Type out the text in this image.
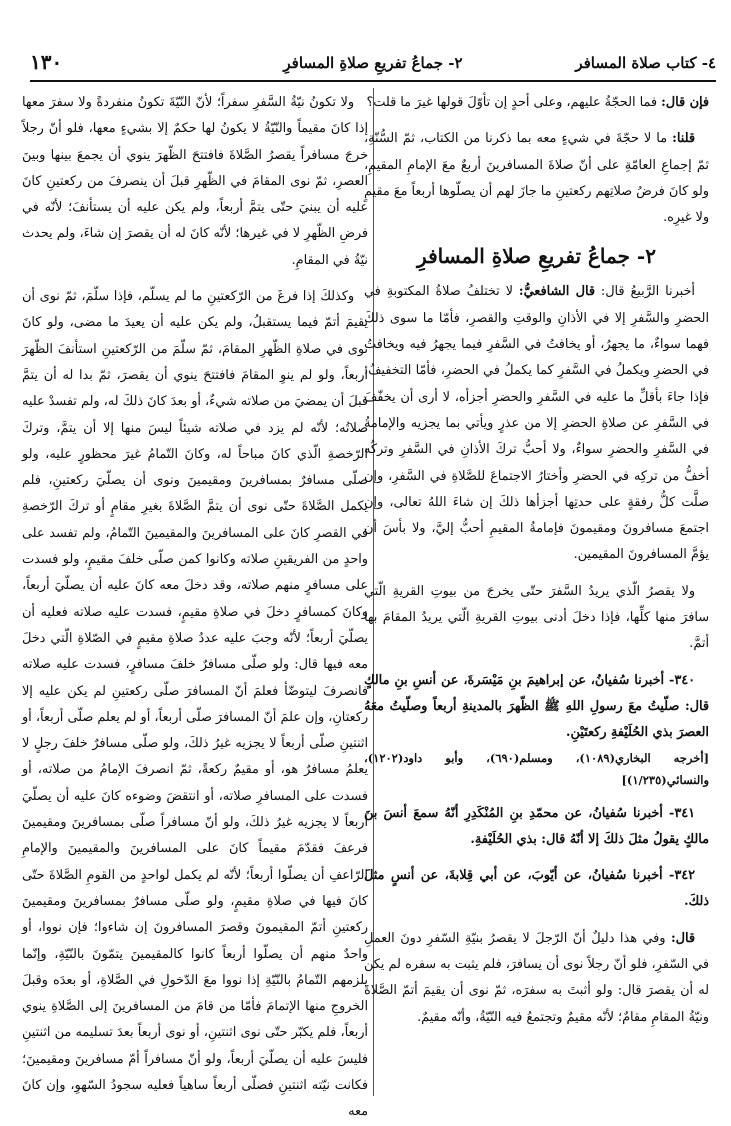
٤- كتاب صلاة المسافر
٢- جماعُ تفريعِ صلاةِ المسافرِ
١٣٠

فإن قال: فما الحجّةُ عليهم، وعلى أحدٍ إن تأوّلَ قولها غيرَ ما قلت؟

قلنا: ما لا حجّةَ في شيءٍ معه بما ذكرنا من الكتاب، ثمّ السُّنّةِ، ثمّ إجماعِ العامّةِ على أنّ صلاةَ المسافرينَ أربعٌ معَ الإمامِ المقيمِ، ولو كانَ فرضُ صلاتِهم ركعتينِ ما جازَ لهم أن يصلّوها أربعاً معَ مقيمٍ ولا غيرِه.

٢- جماعُ تفريعِ صلاةِ المسافرِ

أخبرنا الرَّبيعُ قال: قال الشافعيُّ: لا تختلفُ صلاةُ المكتوبةِ في الحضرِ والسَّفرِ إلا في الأذانِ والوقتِ والقصرِ، فأمّا ما سوى ذلكَ فهما سواءٌ، ما يجهرُ، أو يخافتُ في السَّفرِ فيما يجهرُ فيه ويخافتُ في الحضرِ ويكملُ في السَّفرِ كما يكملُ في الحضرِ، فأمّا التخفيفُ، فإذا جاءَ بأقلِّ ما عليه في السَّفرِ والحضرِ أجزأه، لا أرى أن يخفّفَ في السَّفرِ عن صلاةِ الحضرِ إلا من عذرٍ ويأتي بما يجزيه والإمامةُ في السَّفرِ والحضرِ سواءٌ، ولا أحبُّ تركَ الأذانِ في السَّفرِ وتركُه أخفُّ من تركِه في الحضرِ وأختارُ الاجتماعَ للصَّلاةِ في السَّفرِ، وإن صلَّت كلُّ رفقةٍ على حدتِها أجزأها ذلكَ إن شاءَ اللهُ تعالى، وإن اجتمعَ مسافرونَ ومقيمونَ فإمامةُ المقيمِ أحبُّ إليَّ، ولا بأسَ أن يؤمَّ المسافرونَ المقيمين.

ولا يقصرُ الّذي يريدُ السَّفرَ حتّى يخرجَ من بيوتِ القريةِ الّتي سافرَ منها كلِّها، فإذا دخلَ أدنى بيوتِ القريةِ الّتي يريدُ المقامَ بها أتمَّ.

٣٤٠- أخبرنا سُفيانُ، عن إبراهيمَ بنِ مَيْسَرةَ، عن أنسِ بنِ مالكٍ قال: صلّيتُ معَ رسولِ اللهِ ﷺ الظّهرَ بالمدينةِ أربعاً وصلّيتُ معَهُ العصرَ بذي الحُلَيْفةِ ركعتَيْنِ.

[أخرجه البخاري(١٠٨٩)، ومسلم(٦٩٠)، وأبو داود(١٢٠٢)، والنسائي(١/٢٣٥)]

٣٤١- أخبرنا سُفيانُ، عن محمّدِ بنِ المُنْكَدِرِ أنّهُ سمعَ أنسَ بنَ مالكٍ يقولُ مثلَ ذلكَ إلا أنّهُ قال: بذي الحُلَيْفةِ.

٣٤٢- أخبرنا سُفيانُ، عن أيّوبَ، عن أبي قِلابةَ، عن أنسٍ مثلَ ذلكَ.

قال: وفي هذا دليلٌ أنّ الرّجلَ لا يقصرُ بنيّةِ السّفرِ دونَ العملِ في السّفرِ، فلو أنّ رجلاً نوى أن يسافرَ، فلم يثبت به سفره لم يكن له أن يقصرَ قال: ولو أثبتَ به سفرَه، ثمّ نوى أن يقيمَ أتمّ الصَّلاةَ ونيّةُ المقامِ مقامٌ؛ لأنّه مقيمٌ وتجتمعُ فيه النّيّةُ، وأنّه مقيمٌ.

ولا تكونُ نيّةُ السَّفرِ سفراً؛ لأنّ النّيّةَ تكونُ منفردةً ولا سفرَ معها إذا كانَ مقيماً والنّيّةُ لا يكونُ لها حكمٌ إلا بشيءٍ معها، فلو أنّ رجلاً خرجَ مسافراً يقصرُ الصَّلاةَ فافتتحَ الظّهرَ ينوي أن يجمعَ بينها وبينَ العصرِ، ثمّ نوى المقامَ في الظّهرِ قبلَ أن ينصرفَ من ركعتينِ كانَ عليه أن يبنيَ حتّى يتمَّ أربعاً، ولم يكن عليه أن يستأنفَ؛ لأنّه في فرضِ الظّهرِ لا في غيرها؛ لأنّه كانَ له أن يقصرَ إن شاءَ، ولم يحدث نيّةُ في المقامِ.

وكذلكَ إذا فرغَ من الرّكعتينِ ما لم يسلّم، فإذا سلّمَ، ثمّ نوى أن يقيمَ أتمّ فيما يستقبلُ، ولم يكن عليه أن يعيدَ ما مضى، ولو كانَ نوى في صلاةِ الظّهرِ المقامَ، ثمّ سلّمَ من الرّكعتينِ استأنفَ الظّهرَ أربعاً، ولو لم ينوِ المقامَ فافتتحَ ينوي أن يقصرَ، ثمّ بدا له أن يتمَّ قبلَ أن يمضيَ من صلاته شيءٌ، أو بعدَ كانَ ذلكَ له، ولم تفسدْ عليه صلاتُه؛ لأنّه لم يزد في صلاته شيئاً ليسَ منها إلا أن يتمَّ، وتركَ الرّخصةِ الّذي كانَ مباحاً له، وكانَ التّمامُ غيرَ محظورٍ عليه، ولو صلّى مسافرٌ بمسافرينَ ومقيمينَ ونوى أن يصلّيَ ركعتينِ، فلم يكمل الصَّلاةَ حتّى نوى أن يتمَّ الصَّلاةَ بغيرِ مقامٍ أو تركَ الرّخصةِ في القصرِ كانَ على المسافرينَ والمقيمينَ التّمامُ، ولم تفسد على واحدٍ من الفريقينِ صلاته وكانوا كمن صلّى خلفَ مقيمٍ، ولو فسدت على مسافرٍ منهم صلاته، وقد دخلَ معه كانَ عليه أن يصلّيَ أربعاً، وكانَ كمسافرٍ دخلَ في صلاةِ مقيمٍ، فسدت عليه صلاته فعليه أن يصلّيَ أربعاً؛ لأنّه وجبَ عليه عددُ صلاةِ مقيمٍ في الصّلاةِ الّتي دخلَ معه فيها قال: ولو صلّى مسافرٌ خلفَ مسافرٍ، فسدت عليه صلاته فانصرفَ ليتوضّأ فعلمَ أنّ المسافرَ صلّى ركعتينِ لم يكن عليه إلا ركعتانِ، وإن علمَ أنّ المسافرَ صلّى أربعاً، أو لم يعلم صلّى أربعاً، أو اثنتينِ صلّى أربعاً لا يجزيه غيرُ ذلكَ، ولو صلّى مسافرٌ خلفَ رجلٍ لا يعلمُ مسافرٌ هو، أو مقيمٌ ركعةً، ثمّ انصرفَ الإمامُ من صلاته، أو فسدت على المسافرِ صلاته، أو انتقضَ وضوءه كانَ عليه أن يصلّيَ أربعاً لا يجزيه غيرُ ذلكَ، ولو أنّ مسافراً صلّى بمسافرينَ ومقيمينَ فرعفَ فقدّمَ مقيماً كانَ على المسافرينَ والمقيمينَ والإمامِ الرّاعفِ أن يصلّوا أربعاً؛ لأنّه لم يكمل لواحدٍ من القومِ الصَّلاةَ حتّى كانَ فيها في صلاةِ مقيمٍ، ولو صلّى مسافرٌ بمسافرينَ ومقيمينَ ركعتينِ أتمّ المقيمونَ وقصرَ المسافرونَ إن شاءوا؛ فإن نووا، أو واحدٌ منهم أن يصلّوا أربعاً كانوا كالمقيمينَ يتمّونَ بالنّيّةِ، وإنّما يلزمهم التّمامُ بالنّيّةِ إذا نووا معَ الدّخولِ في الصَّلاةِ، أو بعدَه وقبلَ الخروجِ منها الإتمامَ فأمّا من قامَ من المسافرينَ إلى الصَّلاةِ ينوي أربعاً، فلم يكبّر حتّى نوى اثنتينِ، أو نوى أربعاً بعدَ تسليمه من اثنتينِ فليسَ عليه أن يصلّيَ أربعاً، ولو أنّ مسافراً أمّ مسافرينَ ومقيمينَ؛ فكانت نيّته اثنتينِ فصلّى أربعاً ساهياً فعليه سجودُ السّهوِ، وإن كانَ معه
